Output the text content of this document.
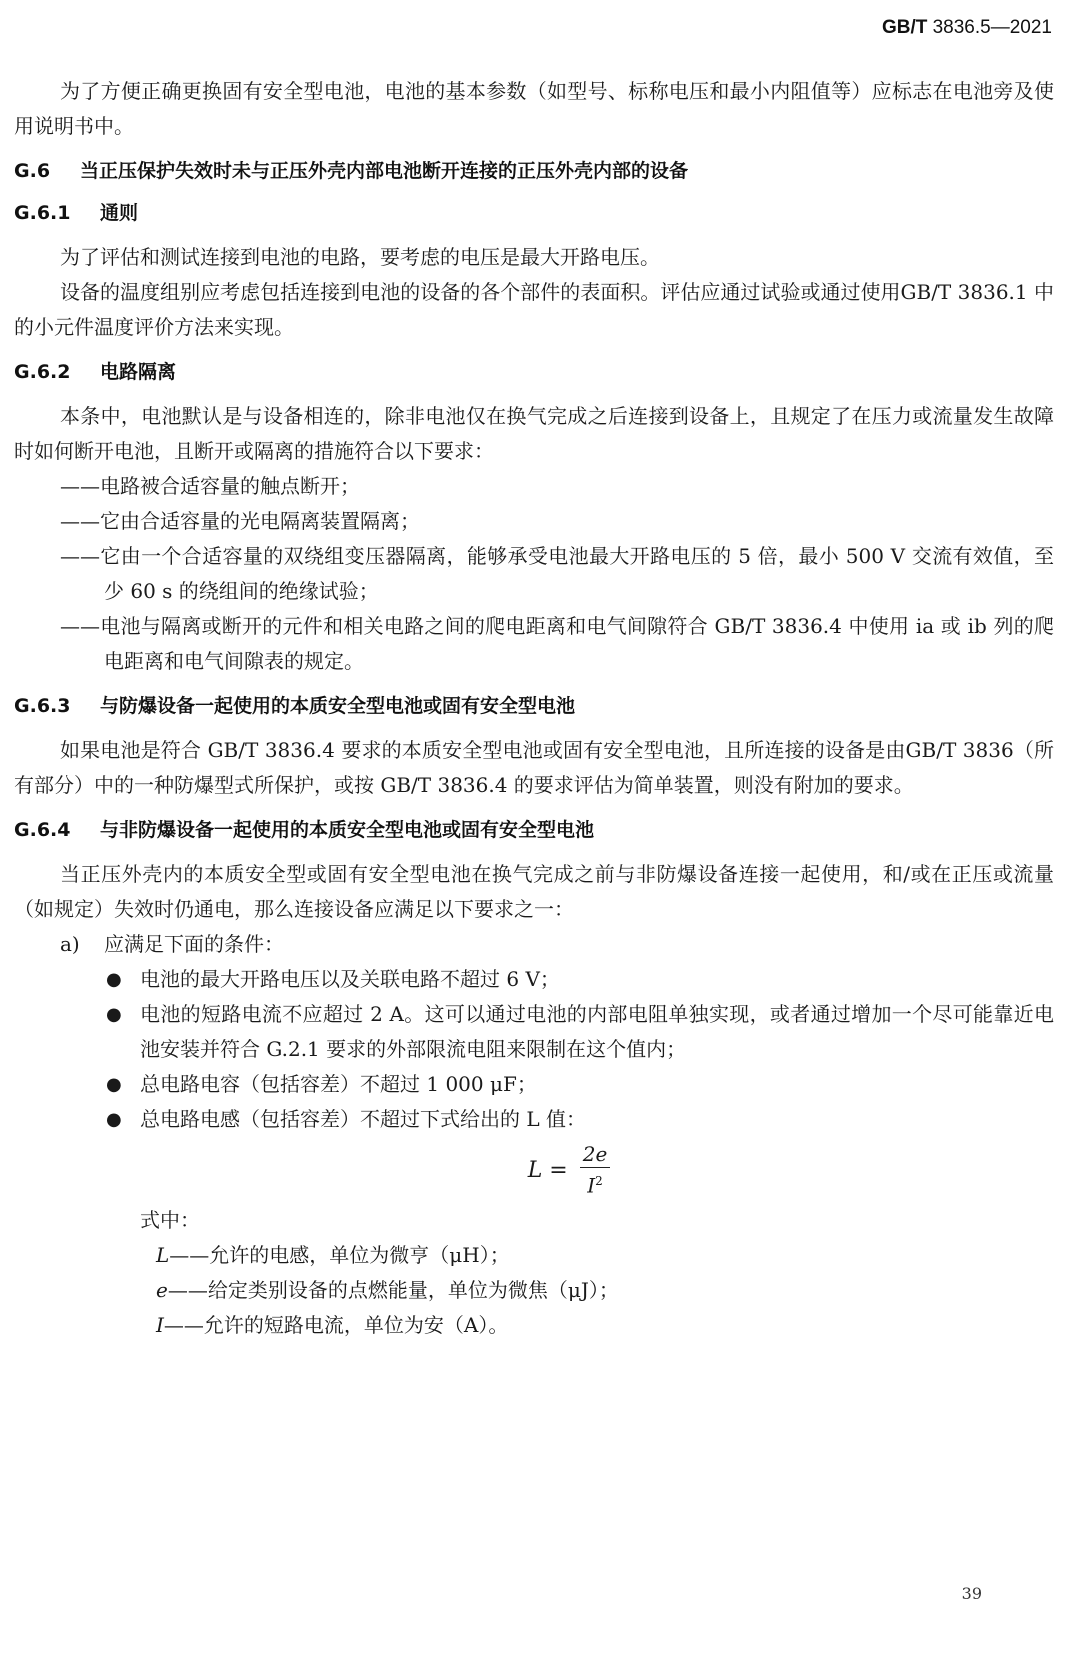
GB/T 3836.5—2021

为了方便正确更换固有安全型电池，电池的基本参数（如型号、标称电压和最小内阻值等）应标志在电池旁及使用说明书中。

G.6 当正压保护失效时未与正压外壳内部电池断开连接的正压外壳内部的设备
G.6.1 通则

为了评估和测试连接到电池的电路，要考虑的电压是最大开路电压。

设备的温度组别应考虑包括连接到电池的设备的各个部件的表面积。评估应通过试验或通过使用GB/T 3836.1 中的小元件温度评价方法来实现。

G.6.2 电路隔离

本条中，电池默认是与设备相连的，除非电池仅在换气完成之后连接到设备上，且规定了在压力或流量发生故障时如何断开电池，且断开或隔离的措施符合以下要求：

——电路被合适容量的触点断开；

——它由合适容量的光电隔离装置隔离；

——它由一个合适容量的双绕组变压器隔离，能够承受电池最大开路电压的 5 倍，最小 500 V 交流有效值，至少 60 s 的绕组间的绝缘试验；

——电池与隔离或断开的元件和相关电路之间的爬电距离和电气间隙符合 GB/T 3836.4 中使用 ia 或 ib 列的爬电距离和电气间隙表的规定。

G.6.3 与防爆设备一起使用的本质安全型电池或固有安全型电池

如果电池是符合 GB/T 3836.4 要求的本质安全型电池或固有安全型电池，且所连接的设备是由GB/T 3836（所有部分）中的一种防爆型式所保护，或按 GB/T 3836.4 的要求评估为简单装置，则没有附加的要求。

G.6.4 与非防爆设备一起使用的本质安全型电池或固有安全型电池

当正压外壳内的本质安全型或固有安全型电池在换气完成之前与非防爆设备连接一起使用，和/或在正压或流量（如规定）失效时仍通电，那么连接设备应满足以下要求之一：

a) 应满足下面的条件：

● 电池的最大开路电压以及关联电路不超过 6 V；

● 电池的短路电流不应超过 2 A。这可以通过电池的内部电阻单独实现，或者通过增加一个尽可能靠近电池安装并符合 G.2.1 要求的外部限流电阻来限制在这个值内；

● 总电路电容（包括容差）不超过 1 000 μF；

● 总电路电感（包括容差）不超过下式给出的 L 值：

$L = \frac{2e}{I^2}$

式中：

L——允许的电感，单位为微亨（μH）；

e——给定类别设备的点燃能量，单位为微焦（μJ）；

I——允许的短路电流，单位为安（A）。

39
